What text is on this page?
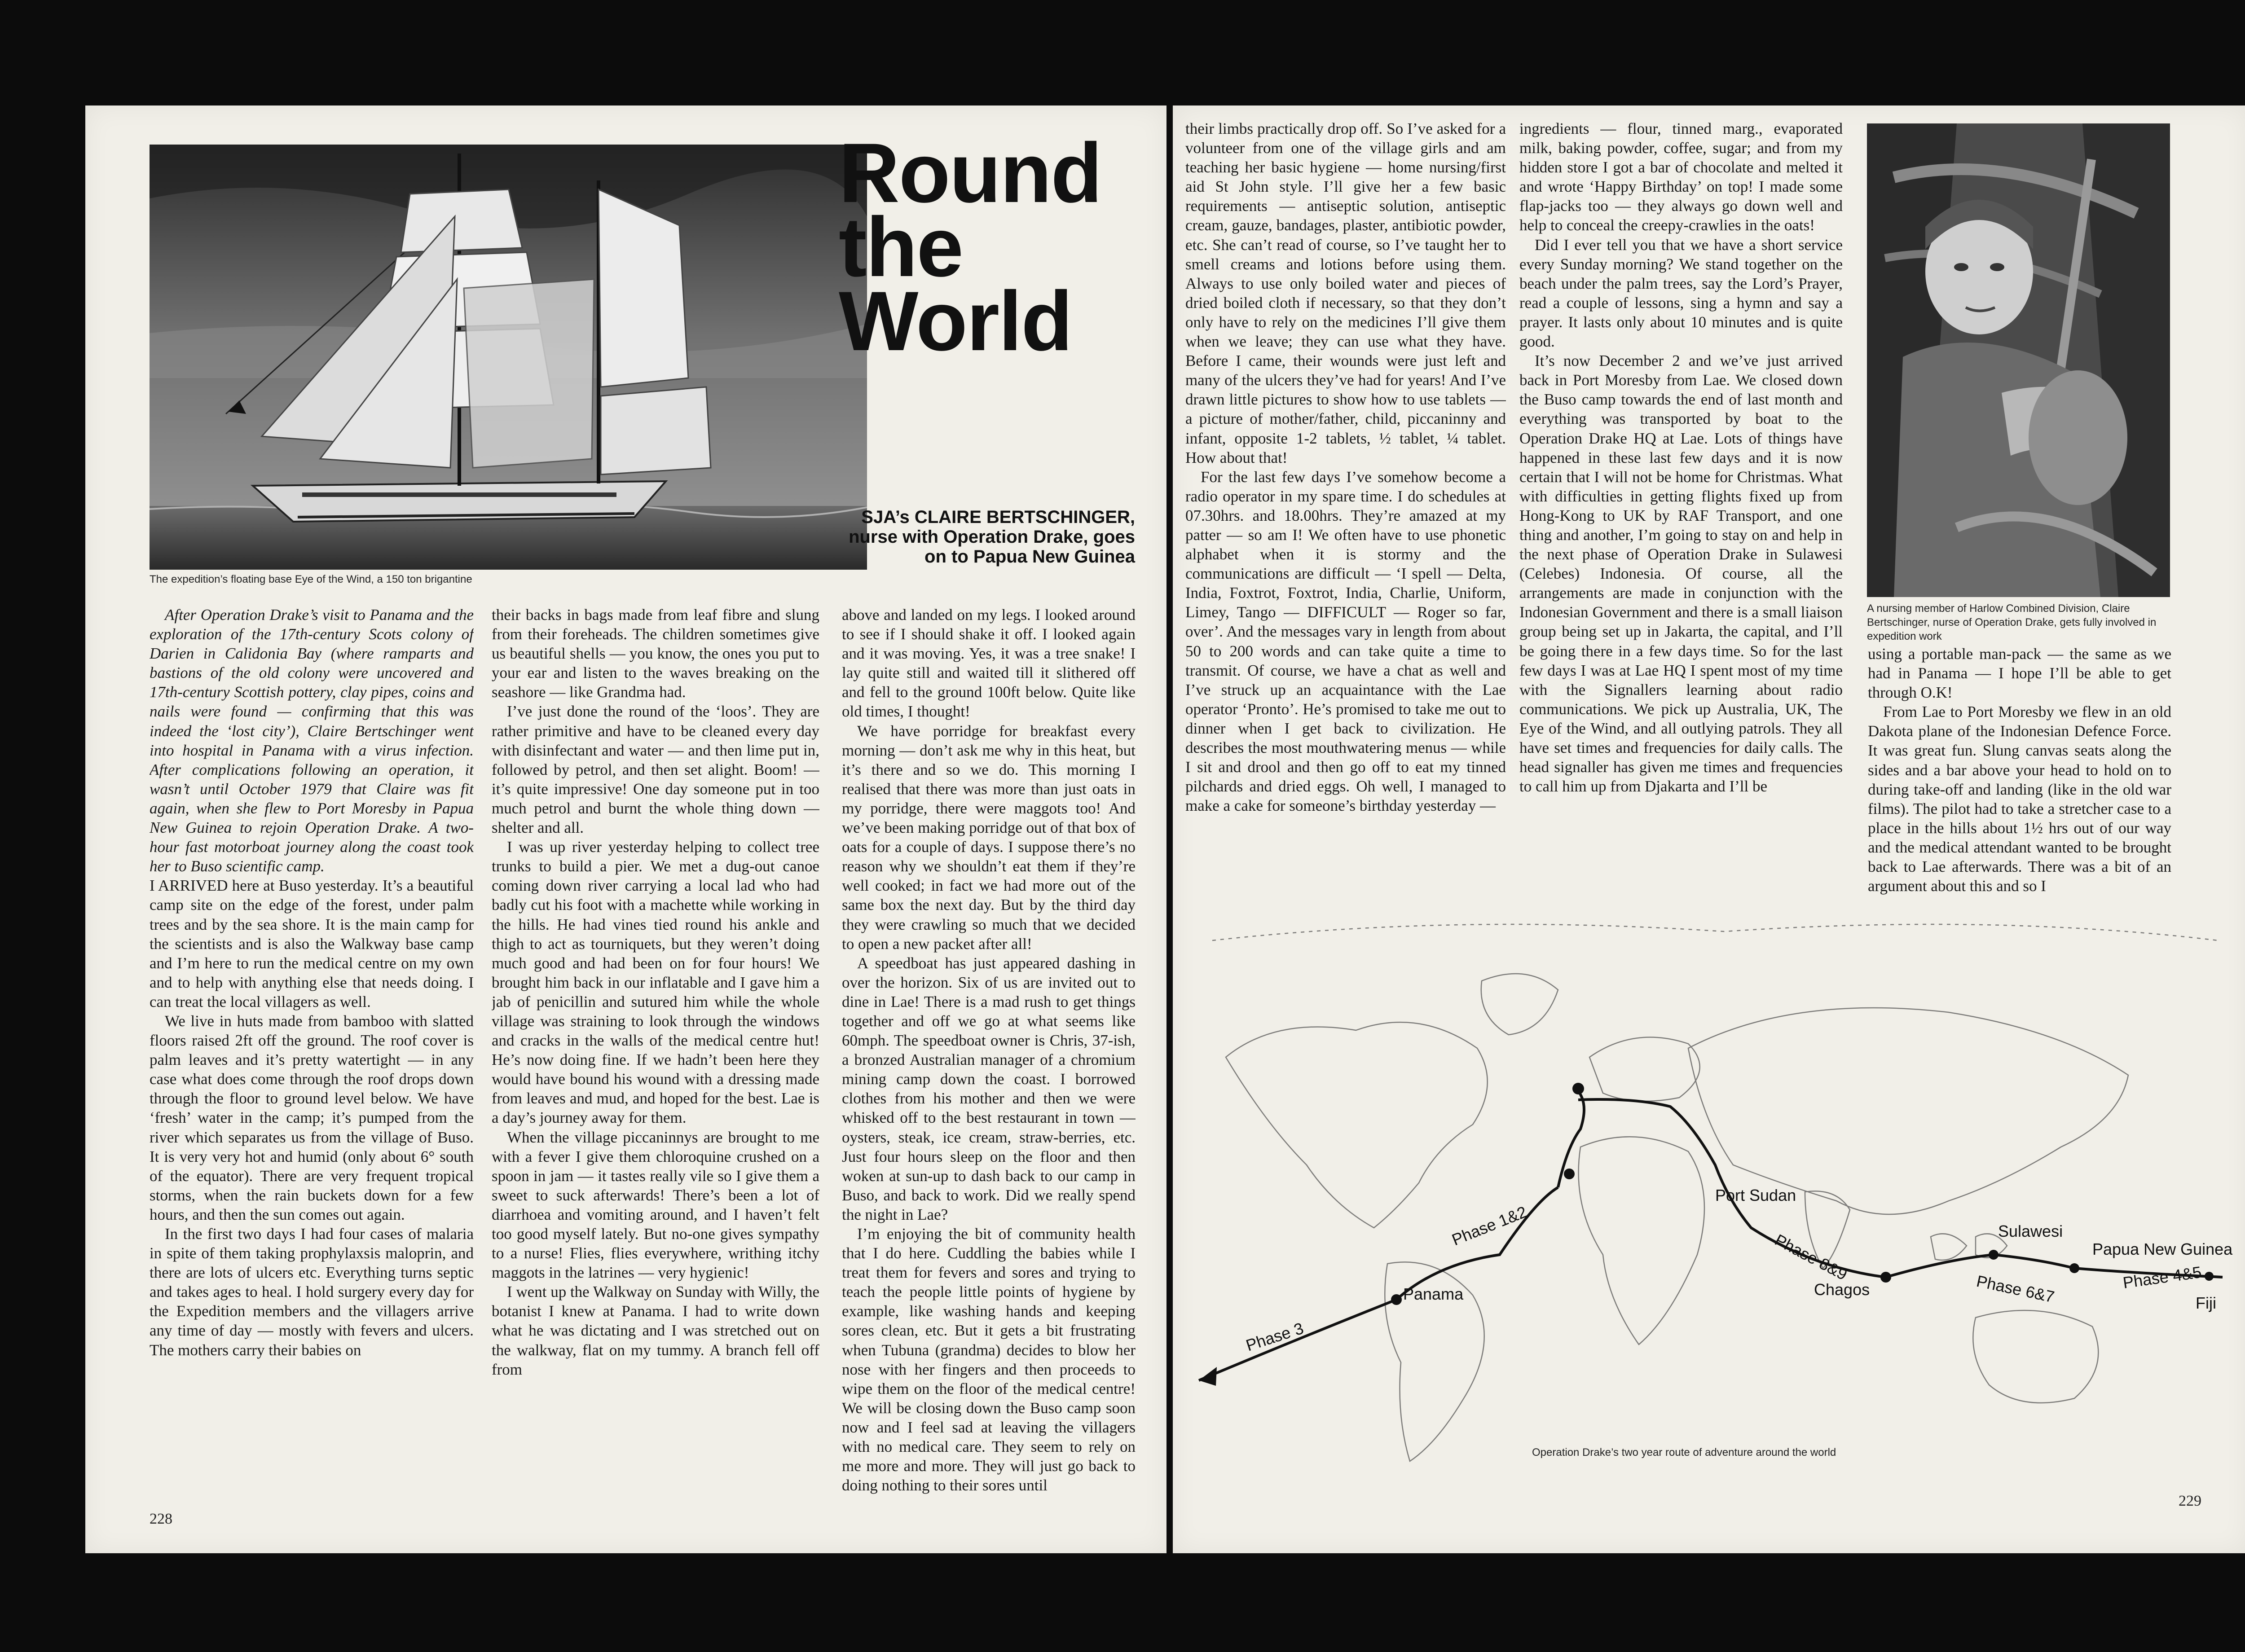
The expedition’s floating base Eye of the Wind, a 150 ton brigantine
Round
the
World
SJA’s CLAIRE BERTSCHINGER,
nurse with Operation Drake, goes
on to Papua New Guinea

After Operation Drake’s visit to Panama and the exploration of the 17th-century Scots colony of Darien in Calidonia Bay (where ramparts and bastions of the old colony were uncovered and 17th-century Scottish pottery, clay pipes, coins and nails were found — confirming that this was indeed the ‘lost city’), Claire Bertschinger went into hospital in Panama with a virus infection. After complications following an operation, it wasn’t until October 1979 that Claire was fit again, when she flew to Port Moresby in Papua New Guinea to rejoin Operation Drake. A two-hour fast motorboat journey along the coast took her to Buso scientific camp.

I ARRIVED here at Buso yesterday. It’s a beautiful camp site on the edge of the forest, under palm trees and by the sea shore. It is the main camp for the scientists and is also the Walkway base camp and I’m here to run the medical centre on my own and to help with anything else that needs doing. I can treat the local villagers as well.

We live in huts made from bamboo with slatted floors raised 2ft off the ground. The roof cover is palm leaves and it’s pretty watertight — in any case what does come through the roof drops down through the floor to ground level below. We have ‘fresh’ water in the camp; it’s pumped from the river which separates us from the village of Buso. It is very very hot and humid (only about 6° south of the equator). There are very frequent tropical storms, when the rain buckets down for a few hours, and then the sun comes out again.

In the first two days I had four cases of malaria in spite of them taking prophylaxsis maloprin, and there are lots of ulcers etc. Everything turns septic and takes ages to heal. I hold surgery every day for the Expedition members and the villagers arrive any time of day — mostly with fevers and ulcers. The mothers carry their babies on

their backs in bags made from leaf fibre and slung from their foreheads. The children sometimes give us beautiful shells — you know, the ones you put to your ear and listen to the waves breaking on the seashore — like Grandma had.

I’ve just done the round of the ‘loos’. They are rather primitive and have to be cleaned every day with disinfectant and water — and then lime put in, followed by petrol, and then set alight. Boom! — it’s quite impressive! One day someone put in too much petrol and burnt the whole thing down — shelter and all.

I was up river yesterday helping to collect tree trunks to build a pier. We met a dug-out canoe coming down river carrying a local lad who had badly cut his foot with a machette while working in the hills. He had vines tied round his ankle and thigh to act as tourniquets, but they weren’t doing much good and had been on for four hours! We brought him back in our inflatable and I gave him a jab of penicillin and sutured him while the whole village was straining to look through the windows and cracks in the walls of the medical centre hut! He’s now doing fine. If we hadn’t been here they would have bound his wound with a dressing made from leaves and mud, and hoped for the best. Lae is a day’s journey away for them.

When the village piccaninnys are brought to me with a fever I give them chloroquine crushed on a spoon in jam — it tastes really vile so I give them a sweet to suck afterwards! There’s been a lot of diarrhoea and vomiting around, and I haven’t felt too good myself lately. But no-one gives sympathy to a nurse! Flies, flies everywhere, writhing itchy maggots in the latrines — very hygienic!

I went up the Walkway on Sunday with Willy, the botanist I knew at Panama. I had to write down what he was dictating and I was stretched out on the walkway, flat on my tummy. A branch fell off from

above and landed on my legs. I looked around to see if I should shake it off. I looked again and it was moving. Yes, it was a tree snake! I lay quite still and waited till it slithered off and fell to the ground 100ft below. Quite like old times, I thought!

We have porridge for breakfast every morning — don’t ask me why in this heat, but it’s there and so we do. This morning I realised that there was more than just oats in my porridge, there were maggots too! And we’ve been making porridge out of that box of oats for a couple of days. I suppose there’s no reason why we shouldn’t eat them if they’re well cooked; in fact we had more out of the same box the next day. But by the third day they were crawling so much that we decided to open a new packet after all!

A speedboat has just appeared dashing in over the horizon. Six of us are invited out to dine in Lae! There is a mad rush to get things together and off we go at what seems like 60mph. The speedboat owner is Chris, 37-ish, a bronzed Australian manager of a chromium mining camp down the coast. I borrowed clothes from his mother and then we were whisked off to the best restaurant in town — oysters, steak, ice cream, straw-berries, etc. Just four hours sleep on the floor and then woken at sun-up to dash back to our camp in Buso, and back to work. Did we really spend the night in Lae?

I’m enjoying the bit of community health that I do here. Cuddling the babies while I treat them for fevers and sores and trying to teach the people little points of hygiene by example, like washing hands and keeping sores clean, etc. But it gets a bit frustrating when Tubuna (grandma) decides to blow her nose with her fingers and then proceeds to wipe them on the floor of the medical centre! We will be closing down the Buso camp soon now and I feel sad at leaving the villagers with no medical care. They seem to rely on me more and more. They will just go back to doing nothing to their sores until

228

their limbs practically drop off. So I’ve asked for a volunteer from one of the village girls and am teaching her basic hygiene — home nursing/first aid St John style. I’ll give her a few basic requirements — antiseptic solution, antiseptic cream, gauze, bandages, plaster, antibiotic powder, etc. She can’t read of course, so I’ve taught her to smell creams and lotions before using them. Always to use only boiled water and pieces of dried boiled cloth if necessary, so that they don’t only have to rely on the medicines I’ll give them when we leave; they can use what they have. Before I came, their wounds were just left and many of the ulcers they’ve had for years! And I’ve drawn little pictures to show how to use tablets — a picture of mother/father, child, piccaninny and infant, opposite 1-2 tablets, ½ tablet, ¼ tablet. How about that!

For the last few days I’ve somehow become a radio operator in my spare time. I do schedules at 07.30hrs. and 18.00hrs. They’re amazed at my patter — so am I! We often have to use phonetic alphabet when it is stormy and the communications are difficult — ‘I spell — Delta, India, Foxtrot, Foxtrot, India, Charlie, Uniform, Limey, Tango — DIFFICULT — Roger so far, over’. And the messages vary in length from about 50 to 200 words and can take quite a time to transmit. Of course, we have a chat as well and I’ve struck up an acquaintance with the Lae operator ‘Pronto’. He’s promised to take me out to dinner when I get back to civilization. He describes the most mouthwatering menus — while I sit and drool and then go off to eat my tinned pilchards and dried eggs. Oh well, I managed to make a cake for someone’s birthday yesterday —

ingredients — flour, tinned marg., evaporated milk, baking powder, coffee, sugar; and from my hidden store I got a bar of chocolate and melted it and wrote ‘Happy Birthday’ on top! I made some flap-jacks too — they always go down well and help to conceal the creepy-crawlies in the oats!

Did I ever tell you that we have a short service every Sunday morning? We stand together on the beach under the palm trees, say the Lord’s Prayer, read a couple of lessons, sing a hymn and say a prayer. It lasts only about 10 minutes and is quite good.

It’s now December 2 and we’ve just arrived back in Port Moresby from Lae. We closed down the Buso camp towards the end of last month and everything was transported by boat to the Operation Drake HQ at Lae. Lots of things have happened in these last few days and it is now certain that I will not be home for Christmas. What with difficulties in getting flights fixed up from Hong-Kong to UK by RAF Transport, and one thing and another, I’m going to stay on and help in the next phase of Operation Drake in Sulawesi (Celebes) Indonesia. Of course, all the arrangements are made in conjunction with the Indonesian Government and there is a small liaison group being set up in Jakarta, the capital, and I’ll be going there in a few days time. So for the last few days I was at Lae HQ I spent most of my time with the Signallers learning about radio communications. We pick up Australia, UK, The Eye of the Wind, and all outlying patrols. They all have set times and frequencies for daily calls. The head signaller has given me times and frequencies to call him up from Djakarta and I’ll be

A nursing member of Harlow Combined Division, Claire Bertschinger, nurse of Operation Drake, gets fully involved in expedition work

using a portable man-pack — the same as we had in Panama — I hope I’ll be able to get through O.K!

From Lae to Port Moresby we flew in an old Dakota plane of the Indonesian Defence Force. It was great fun. Slung canvas seats along the sides and a bar above your head to hold on to during take-off and landing (like in the old war films). The pilot had to take a stretcher case to a place in the hills about 1½ hrs out of our way and the medical attendant wanted to be brought back to Lae afterwards. There was a bit of an argument about this and so I

Panama
Port Sudan
Chagos
Sulawesi
Papua New Guinea
Fiji
Phase 1&2
Phase 3
Phase 8&9
Phase 6&7	Phase 4&5
Operation Drake’s two year route of adventure around the world
229
